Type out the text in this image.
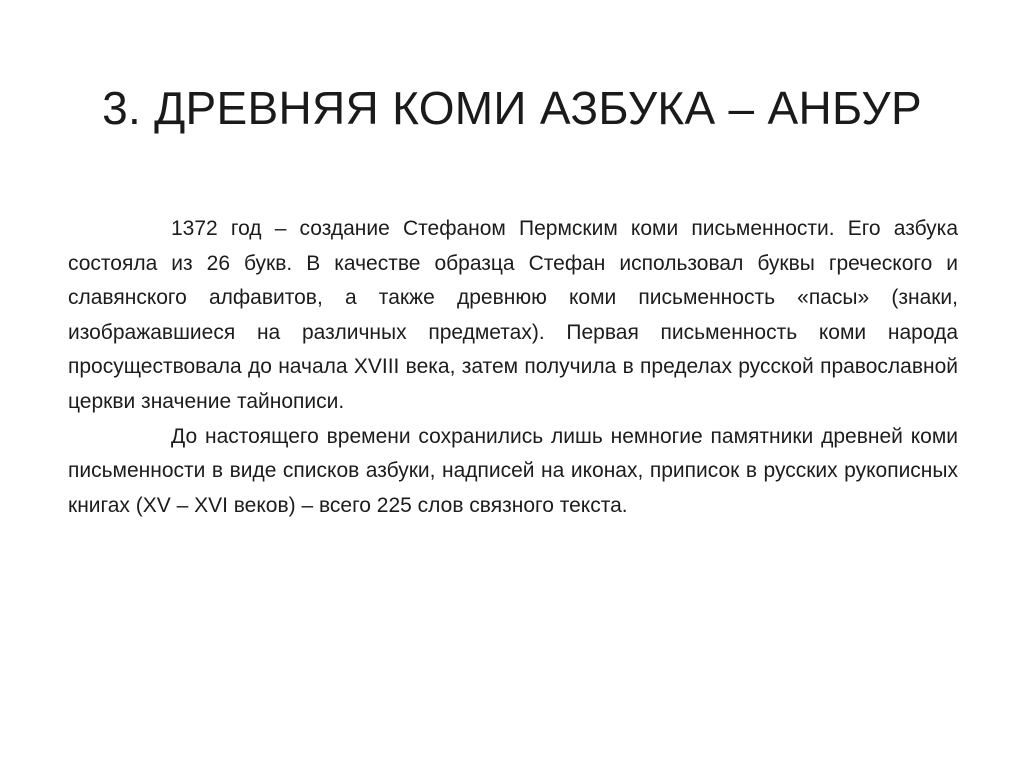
3. ДРЕВНЯЯ КОМИ АЗБУКА – АНБУР

1372 год – создание Стефаном Пермским коми письменности. Его азбука состояла из 26 букв. В качестве образца Стефан использовал буквы греческого и славянского алфавитов, а также древнюю коми письменность «пасы» (знаки, изображавшиеся на различных предметах). Первая письменность коми народа просуществовала до начала XVIII века, затем получила в пределах русской православной церкви значение тайнописи.

До настоящего времени сохранились лишь немногие памятники древней коми письменности в виде списков азбуки, надписей на иконах, приписок в русских рукописных книгах (XV – XVI веков) – всего 225 слов связного текста.
